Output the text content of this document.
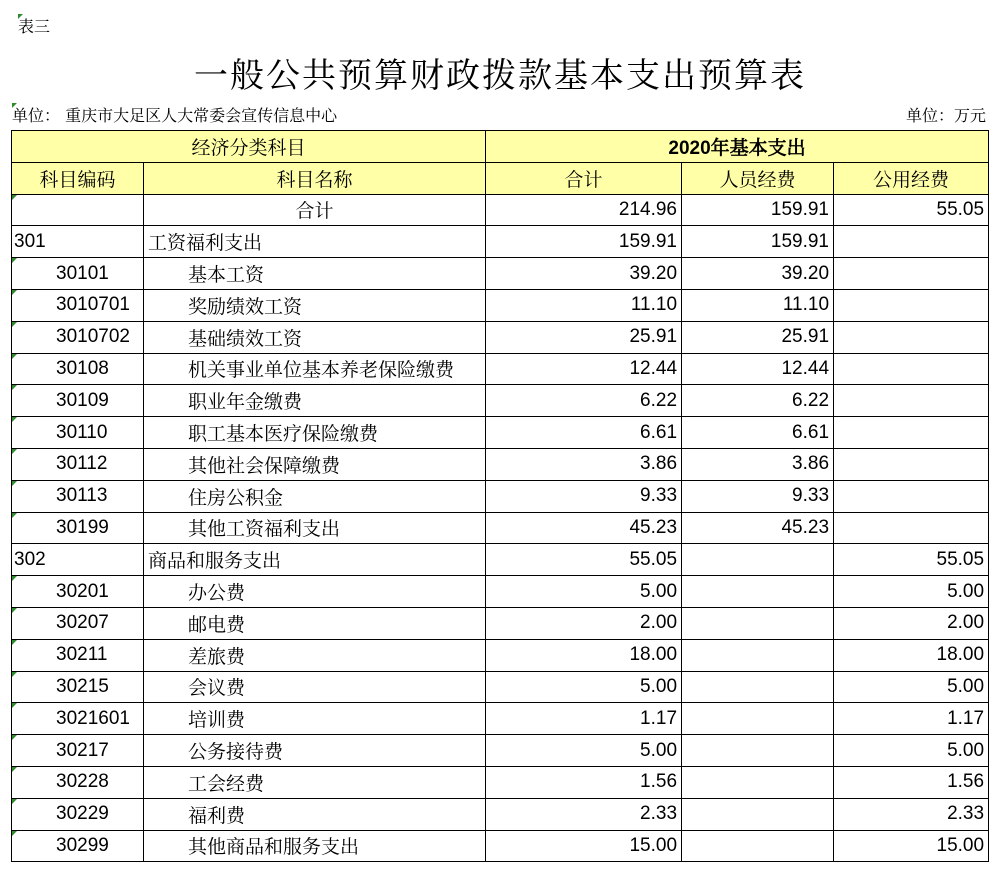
表三
一般公共预算财政拨款基本支出预算表
单位： 重庆市大足区人大常委会宣传信息中心	单位：万元
经济分类科目		2020年基本支出		
科目编码	科目名称	合计	人员经费	公用经费

	合计	214.96	159.91	55.05
301	工资福利支出	159.91	159.91	

30101	基本工资	39.20	39.20	

3010701	奖励绩效工资	11.10	11.10	

3010702	基础绩效工资	25.91	25.91	

30108	机关事业单位基本养老保险缴费	12.44	12.44	

30109	职业年金缴费	6.22	6.22	

30110	职工基本医疗保险缴费	6.61	6.61	

30112	其他社会保障缴费	3.86	3.86	

30113	住房公积金	9.33	9.33	

30199	其他工资福利支出	45.23	45.23	
302	商品和服务支出	55.05		55.05

30201	办公费	5.00		5.00

30207	邮电费	2.00		2.00

30211	差旅费	18.00		18.00

30215	会议费	5.00		5.00

3021601	培训费	1.17		1.17

30217	公务接待费	5.00		5.00

30228	工会经费	1.56		1.56

30229	福利费	2.33		2.33

30299	其他商品和服务支出	15.00		15.00
